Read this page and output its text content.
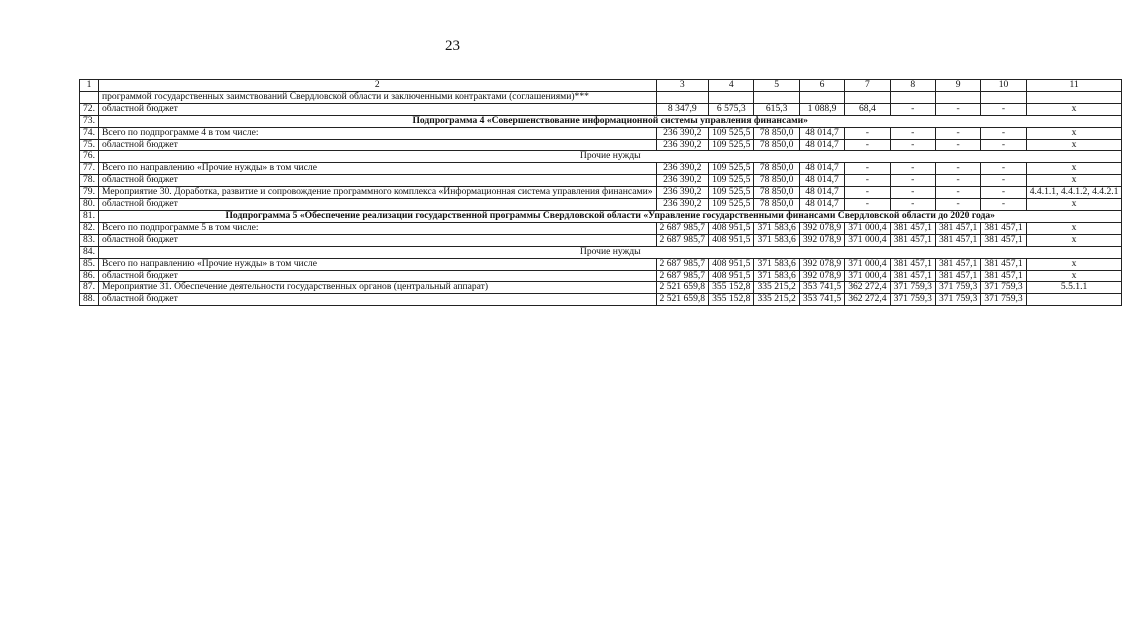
23
1	2	3	4	5	6	7	8	9	10	11
	программой государственных заимствований Свердловской области и заключенными контрактами (соглашениями)***									
72.	областной бюджет	8 347,9	6 575,3	615,3	1 088,9	68,4	-	-	-	x
73.	Подпрограмма 4 «Совершенствование информационной системы управления финансами»									
74.	Всего по подпрограмме 4 в том числе:	236 390,2	109 525,5	78 850,0	48 014,7	-	-	-	-	x
75.	областной бюджет	236 390,2	109 525,5	78 850,0	48 014,7	-	-	-	-	x
76.	Прочие нужды									
77.	Всего по направлению «Прочие нужды» в том числе	236 390,2	109 525,5	78 850,0	48 014,7	-	-	-	-	x
78.	областной бюджет	236 390,2	109 525,5	78 850,0	48 014,7	-	-	-	-	x
79.	Мероприятие 30. Доработка, развитие и сопровождение программного комплекса «Информационная система управления финансами»	236 390,2	109 525,5	78 850,0	48 014,7	-	-	-	-	4.4.1.1, 4.4.1.2, 4.4.2.1
80.	областной бюджет	236 390,2	109 525,5	78 850,0	48 014,7	-	-	-	-	x
81.	Подпрограмма 5 «Обеспечение реализации государственной программы Свердловской области «Управление государственными финансами Свердловской области до 2020 года»									
82.	Всего по подпрограмме 5 в том числе:	2 687 985,7	408 951,5	371 583,6	392 078,9	371 000,4	381 457,1	381 457,1	381 457,1	x
83.	областной бюджет	2 687 985,7	408 951,5	371 583,6	392 078,9	371 000,4	381 457,1	381 457,1	381 457,1	x
84.	Прочие нужды									
85.	Всего по направлению «Прочие нужды» в том числе	2 687 985,7	408 951,5	371 583,6	392 078,9	371 000,4	381 457,1	381 457,1	381 457,1	x
86.	областной бюджет	2 687 985,7	408 951,5	371 583,6	392 078,9	371 000,4	381 457,1	381 457,1	381 457,1	x
87.	Мероприятие 31. Обеспечение деятельности государственных органов (центральный аппарат)	2 521 659,8	355 152,8	335 215,2	353 741,5	362 272,4	371 759,3	371 759,3	371 759,3	5.5.1.1
88.	областной бюджет	2 521 659,8	355 152,8	335 215,2	353 741,5	362 272,4	371 759,3	371 759,3	371 759,3	
